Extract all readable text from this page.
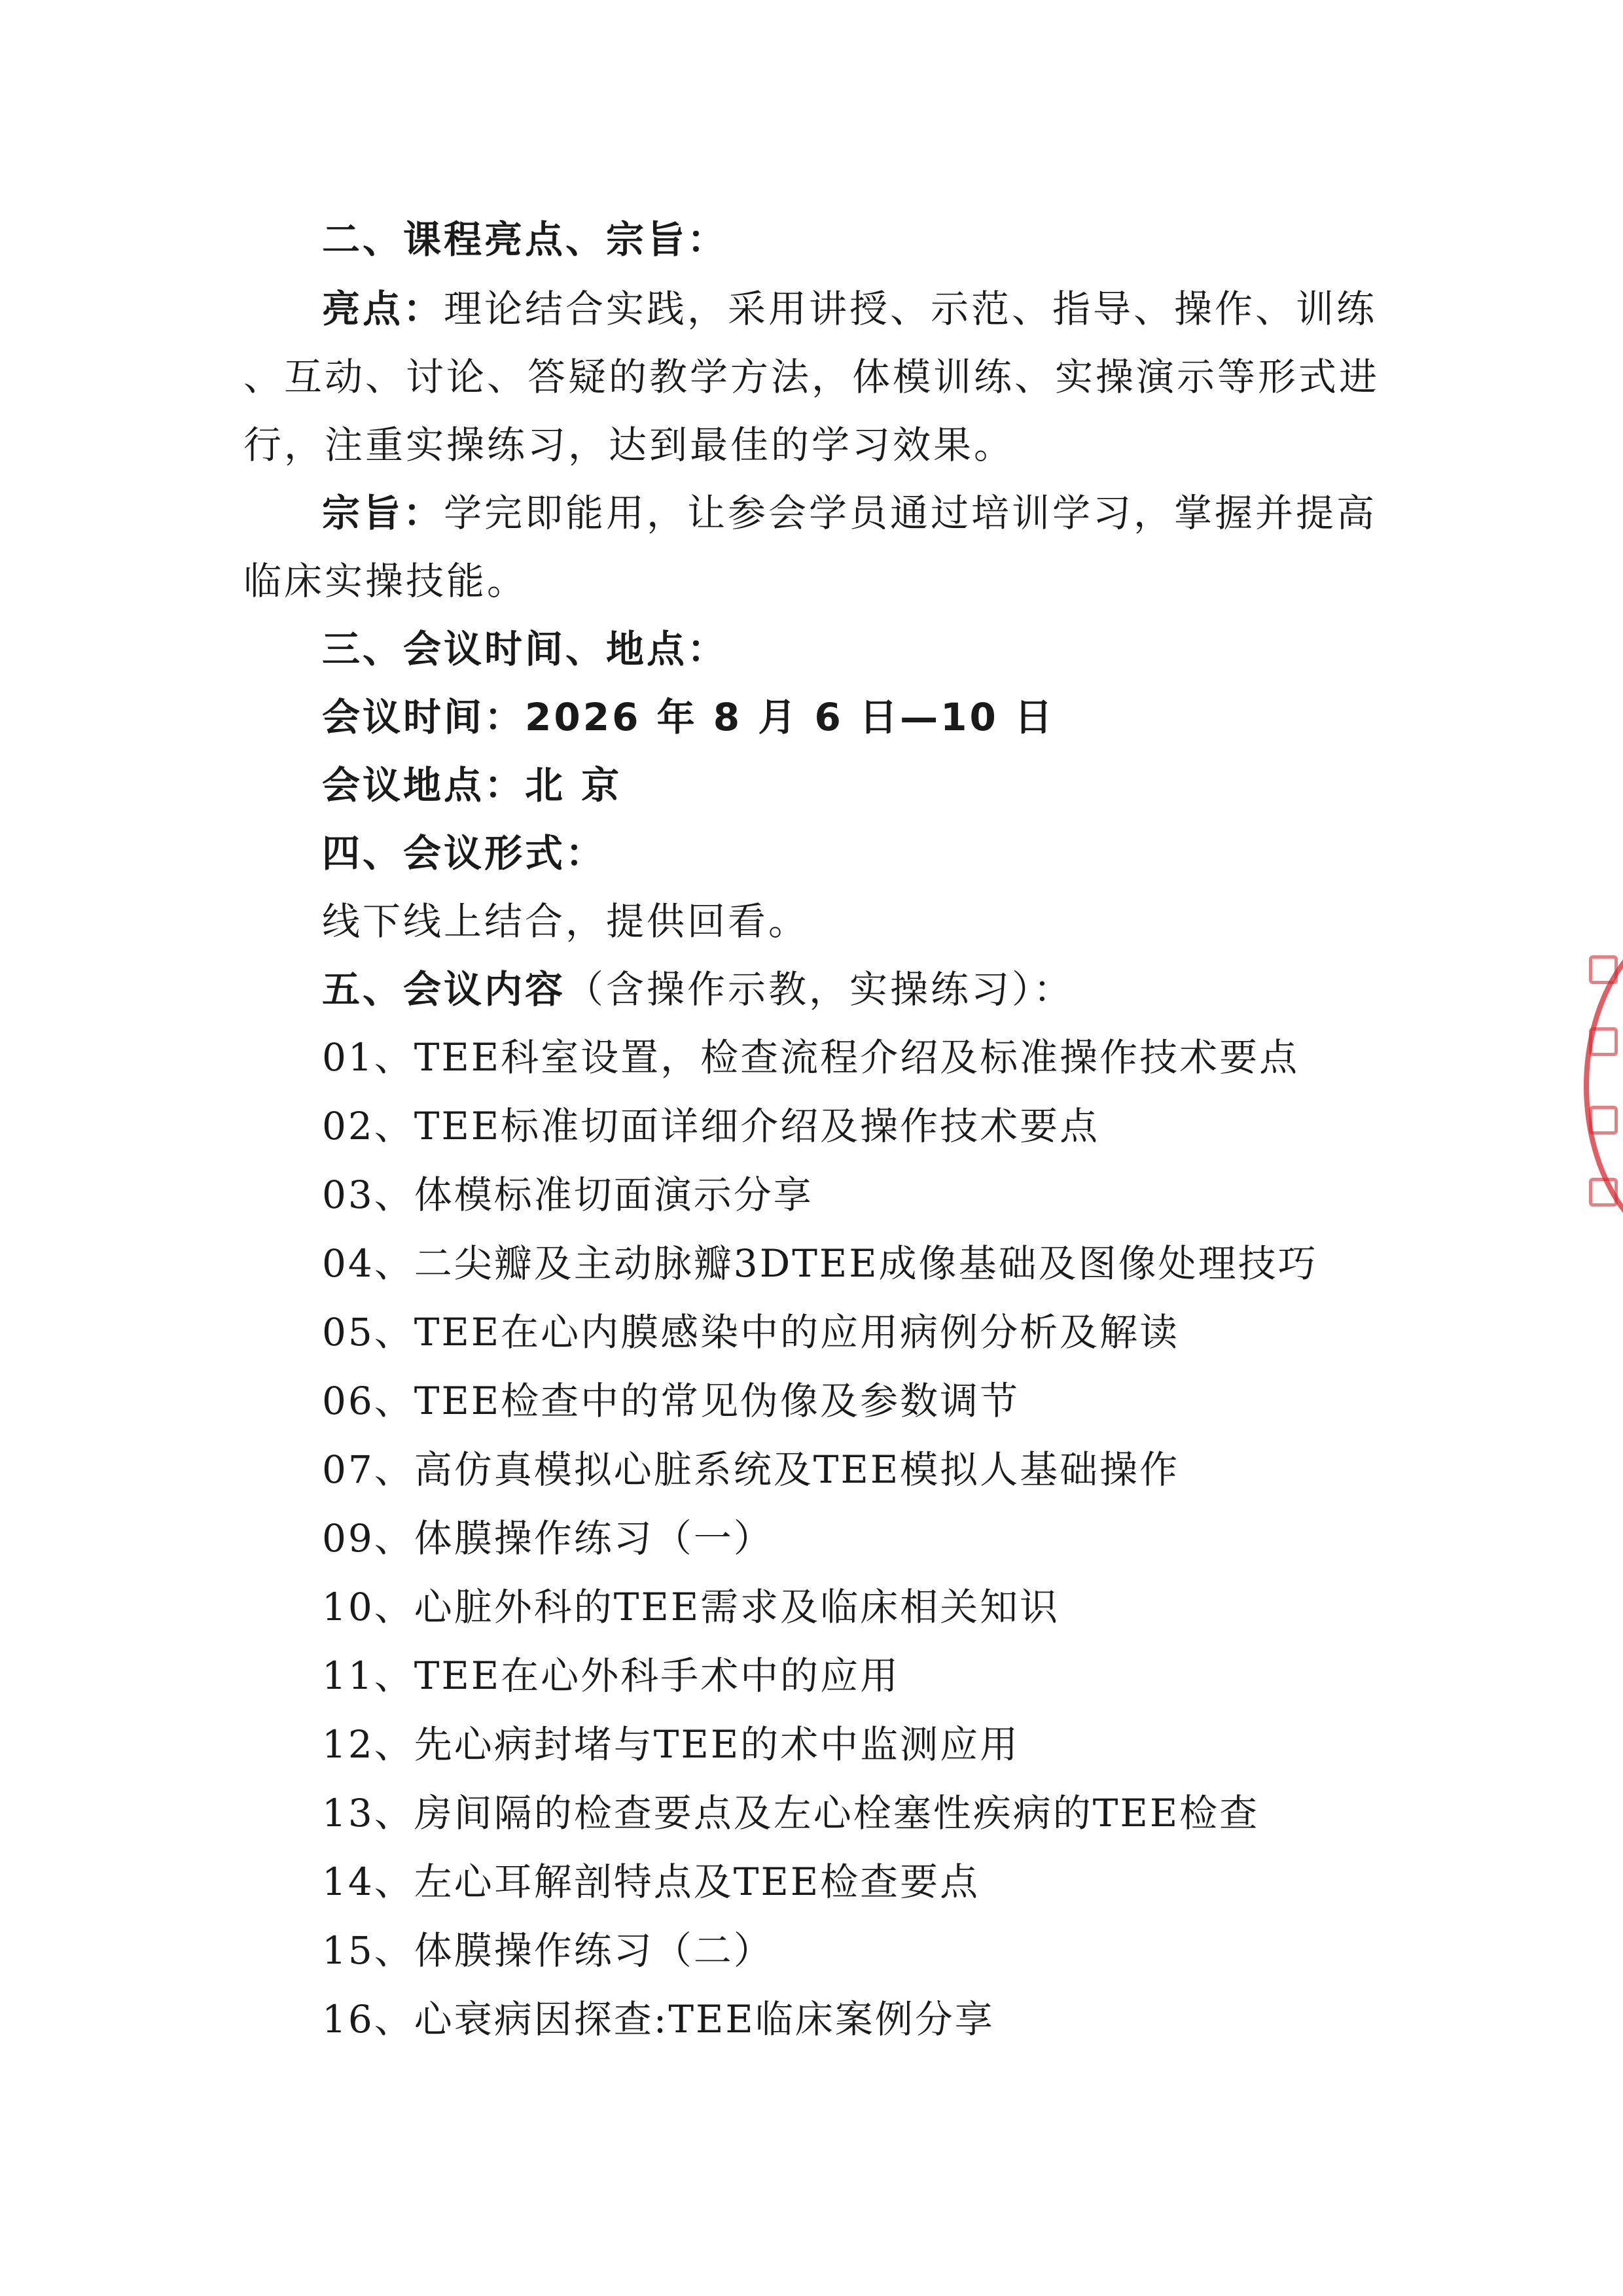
二、课程亮点、宗旨：
亮点：理论结合实践，采用讲授、示范、指导、操作、训练
、互动、讨论、答疑的教学方法，体模训练、实操演示等形式进
行，注重实操练习，达到最佳的学习效果。
宗旨：学完即能用，让参会学员通过培训学习，掌握并提高
临床实操技能。
三、会议时间、地点：
会议时间：2026 年 8 月 6 日—10 日
会议地点：北 京
四、会议形式：
线下线上结合，提供回看。
五、会议内容（含操作示教，实操练习）：
01、TEE科室设置，检查流程介绍及标准操作技术要点
02、TEE标准切面详细介绍及操作技术要点
03、体模标准切面演示分享
04、二尖瓣及主动脉瓣3DTEE成像基础及图像处理技巧
05、TEE在心内膜感染中的应用病例分析及解读
06、TEE检查中的常见伪像及参数调节
07、高仿真模拟心脏系统及TEE模拟人基础操作
09、体膜操作练习（一）
10、心脏外科的TEE需求及临床相关知识
11、TEE在心外科手术中的应用
12、先心病封堵与TEE的术中监测应用
13、房间隔的检查要点及左心栓塞性疾病的TEE检查
14、左心耳解剖特点及TEE检查要点
15、体膜操作练习（二）
16、心衰病因探查:TEE临床案例分享
